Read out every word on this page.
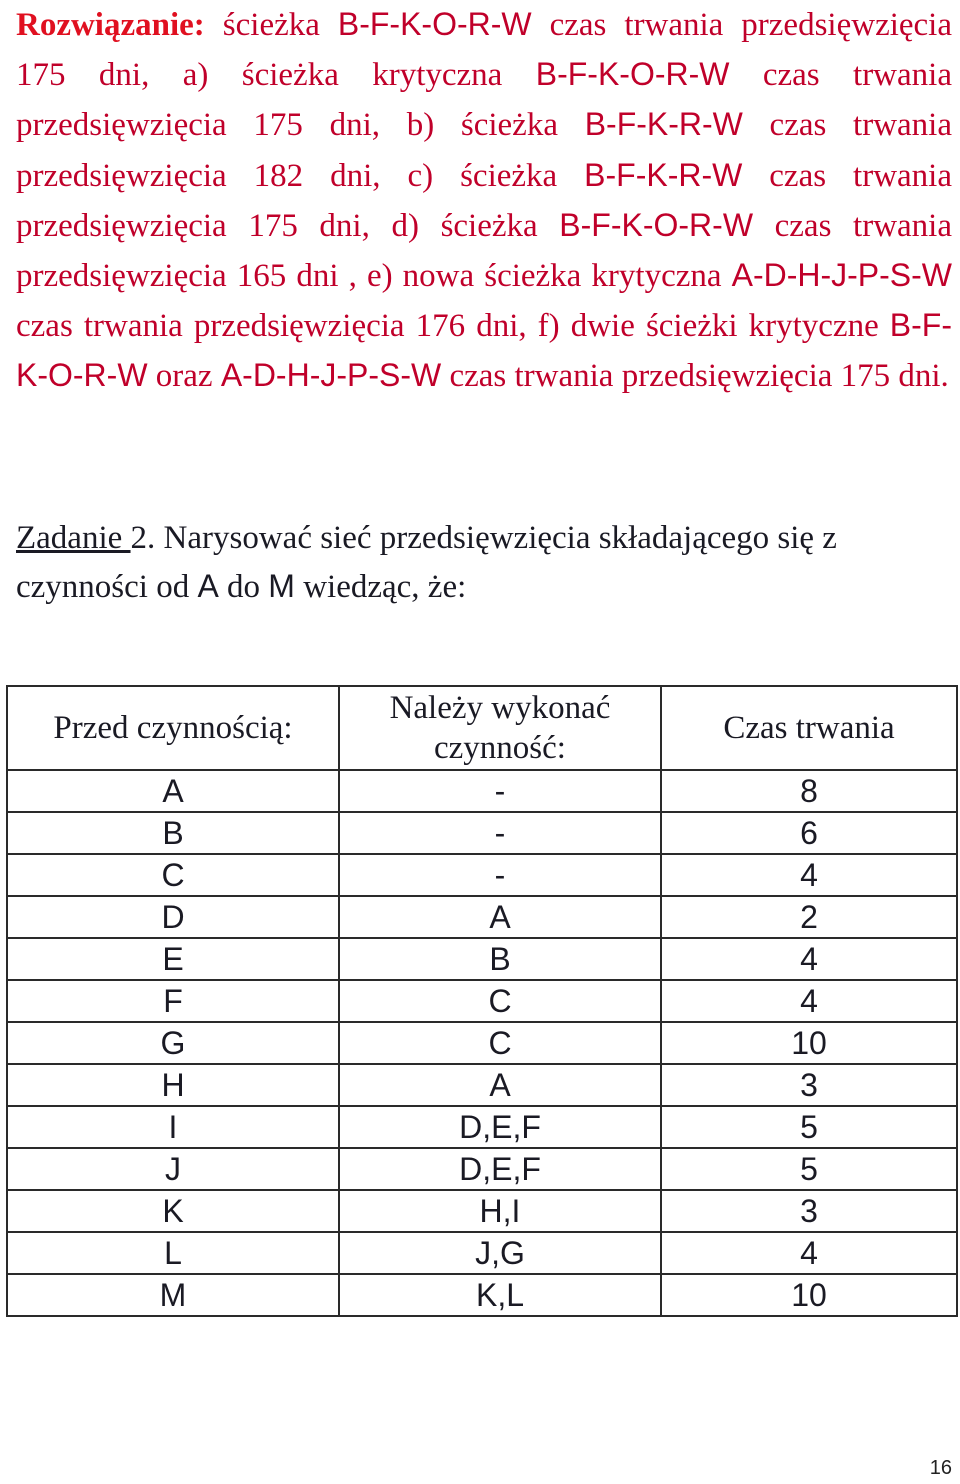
Rozwiązanie: ścieżka B-F-K-O-R-W czas trwania przedsięwzięcia 175 dni, a) ścieżka krytyczna B-F-K-O-R-W czas trwania przedsięwzięcia 175 dni, b) ścieżka B-F-K-R-W czas trwania przedsięwzięcia 182 dni, c) ścieżka B-F-K-R-W czas trwania przedsięwzięcia 175 dni, d) ścieżka B-F-K-O-R-W czas trwania przedsięwzięcia 165 dni , e) nowa ścieżka krytyczna A-D-H-J-P-S-W czas trwania przedsięwzięcia 176 dni, f) dwie ścieżki krytyczne B-F-K-O-R-W oraz A-D-H-J-P-S-W czas trwania przedsięwzięcia 175 dni.

Zadanie 2. Narysować sieć przedsięwzięcia składającego się z czynności od A do M wiedząc, że:

Przed czynnością:	Należy wykonać czynność:	Czas trwania
A	-	8
B	-	6
C	-	4
D	A	2
E	B	4
F	C	4
G	C	10
H	A	3
I	D,E,F	5
J	D,E,F	5
K	H,I	3
L	J,G	4
M	K,L	10
16
